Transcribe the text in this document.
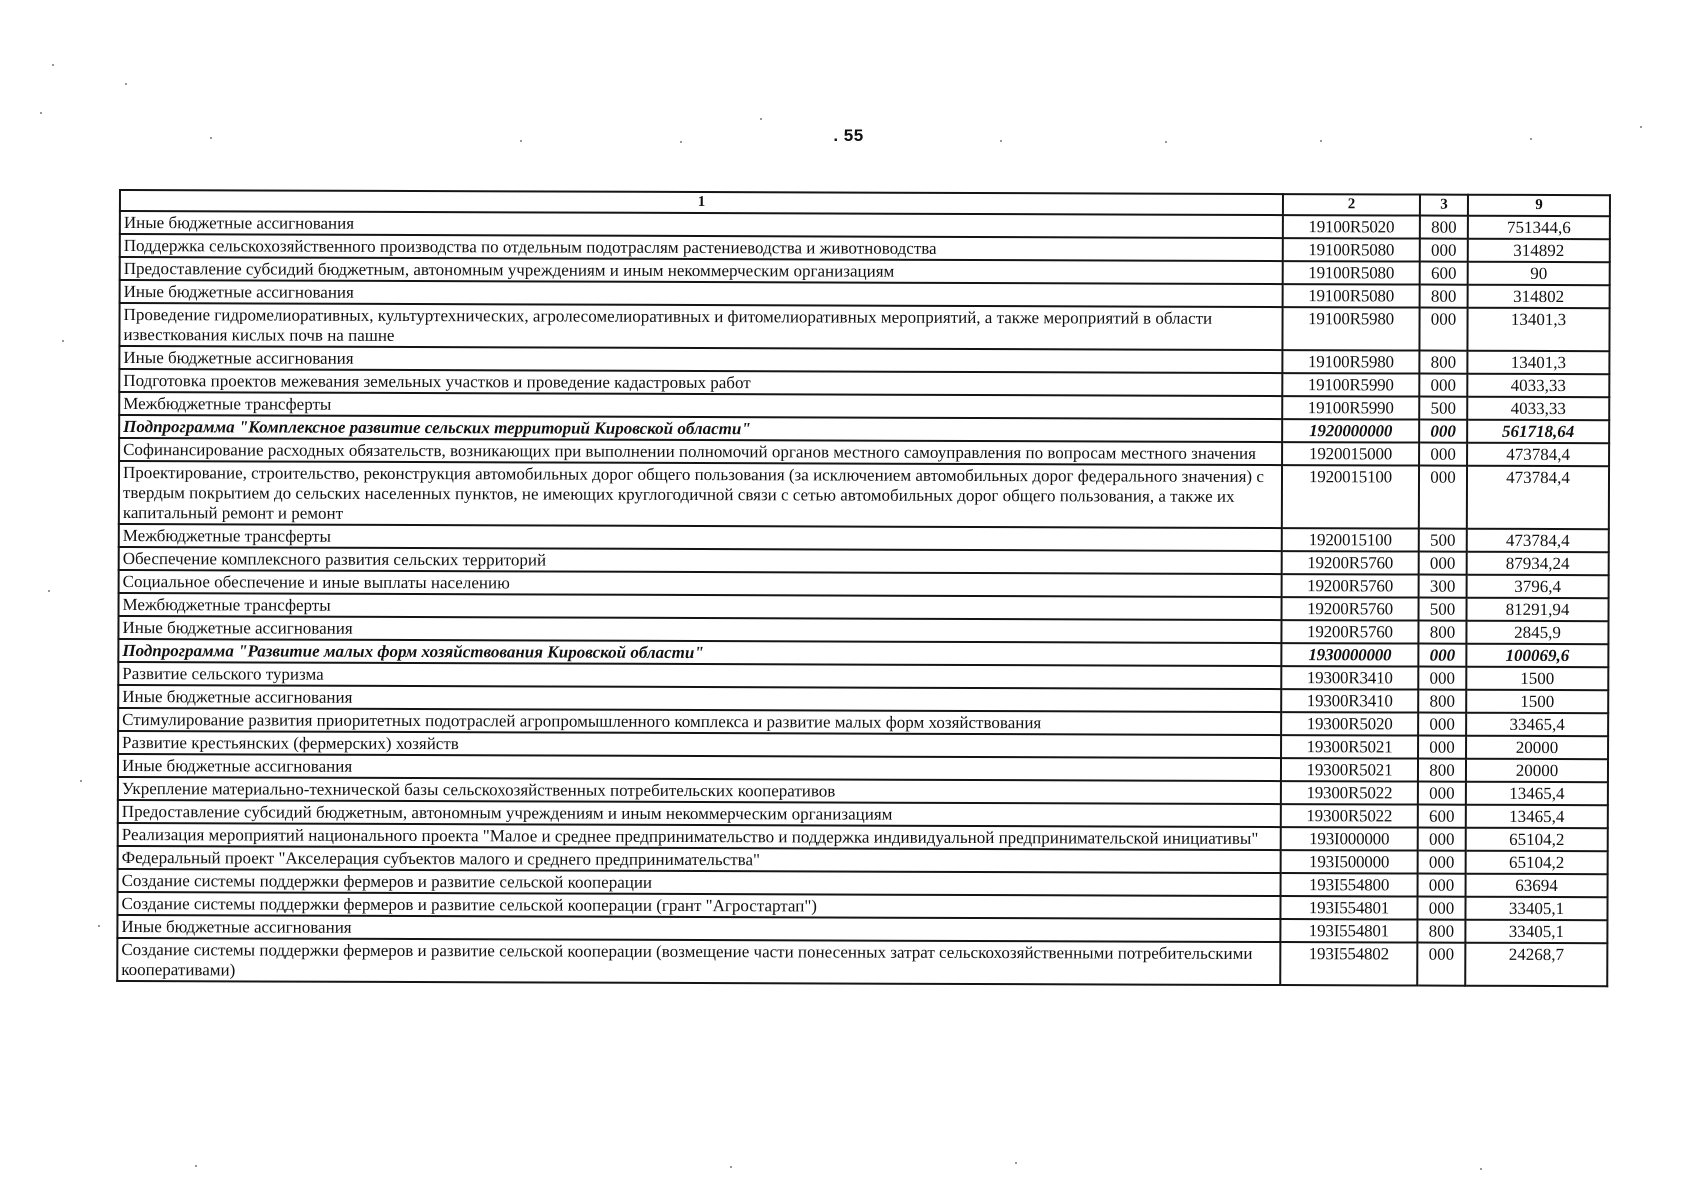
. 55
1	2	3	9
Иные бюджетные ассигнования	19100R5020	800	751344,6
Поддержка сельскохозяйственного производства по отдельным подотраслям растениеводства и животноводства	19100R5080	000	314892
Предоставление субсидий бюджетным, автономным учреждениям и иным некоммерческим организациям	19100R5080	600	90
Иные бюджетные ассигнования	19100R5080	800	314802
Проведение гидромелиоративных, культуртехнических, агролесомелиоративных и фитомелиоративных мероприятий, а также мероприятий в области известкования кислых почв на пашне	19100R5980	000	13401,3
Иные бюджетные ассигнования	19100R5980	800	13401,3
Подготовка проектов межевания земельных участков и проведение кадастровых работ	19100R5990	000	4033,33
Межбюджетные трансферты	19100R5990	500	4033,33
Подпрограмма "Комплексное развитие сельских территорий Кировской области"	1920000000	000	561718,64
Софинансирование расходных обязательств, возникающих при выполнении полномочий органов местного самоуправления по вопросам местного значения	1920015000	000	473784,4
Проектирование, строительство, реконструкция автомобильных дорог общего пользования (за исключением автомобильных дорог федерального значения) с твердым покрытием до сельских населенных пунктов, не имеющих круглогодичной связи с сетью автомобильных дорог общего пользования, а также их капитальный ремонт и ремонт	1920015100	000	473784,4
Межбюджетные трансферты	1920015100	500	473784,4
Обеспечение комплексного развития сельских территорий	19200R5760	000	87934,24
Социальное обеспечение и иные выплаты населению	19200R5760	300	3796,4
Межбюджетные трансферты	19200R5760	500	81291,94
Иные бюджетные ассигнования	19200R5760	800	2845,9
Подпрограмма "Развитие малых форм хозяйствования Кировской области"	1930000000	000	100069,6
Развитие сельского туризма	19300R3410	000	1500
Иные бюджетные ассигнования	19300R3410	800	1500
Стимулирование развития приоритетных подотраслей агропромышленного комплекса и развитие малых форм хозяйствования	19300R5020	000	33465,4
Развитие крестьянских (фермерских) хозяйств	19300R5021	000	20000
Иные бюджетные ассигнования	19300R5021	800	20000
Укрепление материально-технической базы сельскохозяйственных потребительских кооперативов	19300R5022	000	13465,4
Предоставление субсидий бюджетным, автономным учреждениям и иным некоммерческим организациям	19300R5022	600	13465,4
Реализация мероприятий национального проекта "Малое и среднее предпринимательство и поддержка индивидуальной предпринимательской инициативы"	193I000000	000	65104,2
Федеральный проект "Акселерация субъектов малого и среднего предпринимательства"	193I500000	000	65104,2
Создание системы поддержки фермеров и развитие сельской кооперации	193I554800	000	63694
Создание системы поддержки фермеров и развитие сельской кооперации (грант "Агростартап")	193I554801	000	33405,1
Иные бюджетные ассигнования	193I554801	800	33405,1
Создание системы поддержки фермеров и развитие сельской кооперации (возмещение части понесенных затрат сельскохозяйственными потребительскими кооперативами)	193I554802	000	24268,7
